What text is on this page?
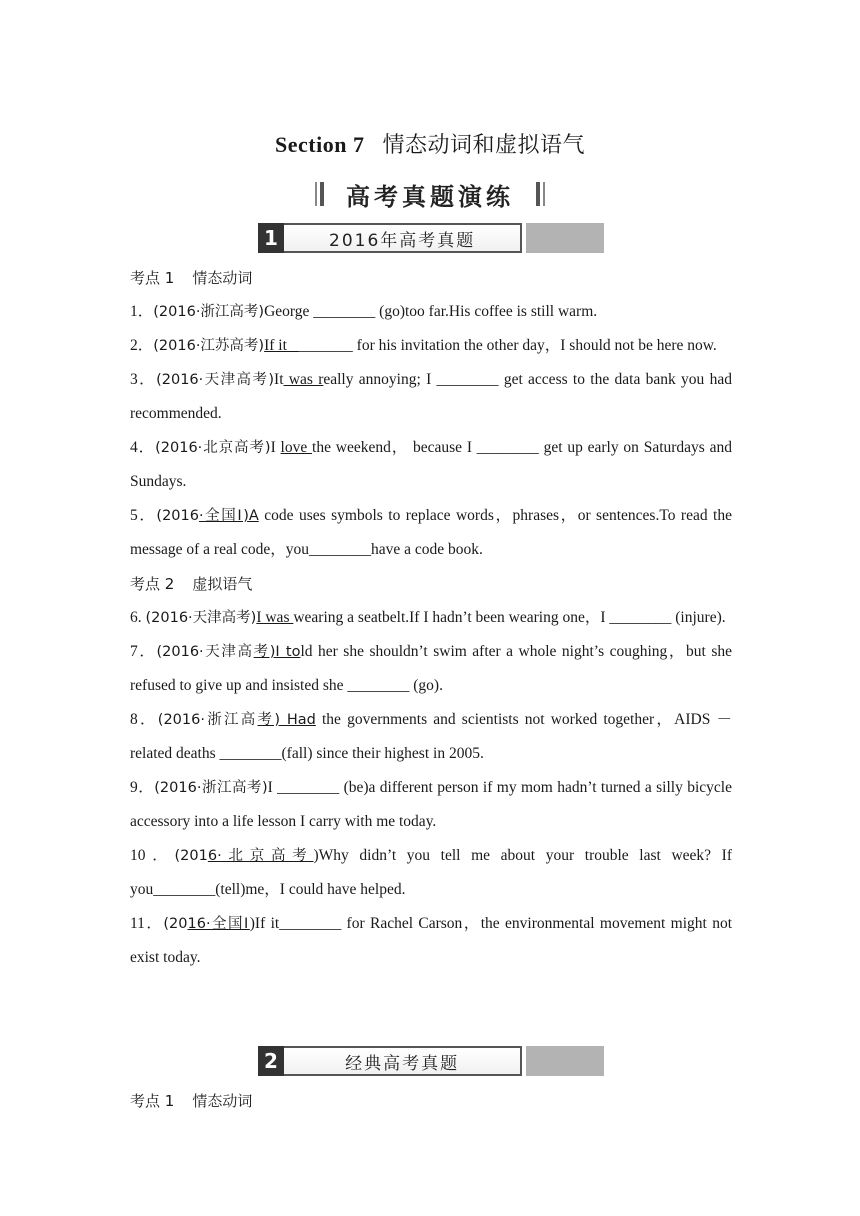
Section 7 情态动词和虚拟语气
高考真题演练
1	2016年高考真题
考点 1 情态动词
1．(2016·浙江高考)George ________ (go)too far.His coffee is still warm.
2．(2016·江苏高考)If it ________ for his invitation the other day，I should not be here now.
3．(2016·天津高考)It was really annoying; I ________ get access to the data bank you had recommended.
4．(2016·北京高考)I love the weekend， because I ________ get up early on Saturdays and Sundays.
5．(2016·全国Ⅰ)A code uses symbols to replace words，phrases，or sentences.To read the message of a real code，you________have a code book.
考点 2 虚拟语气
6. (2016·天津高考)I was wearing a seatbelt.If I hadn’t been wearing one，I ________ (injure).
7．(2016·天津高考)I told her she shouldn’t swim after a whole night’s coughing，but she refused to give up and insisted she ________ (go).
8．(2016·浙江高考) Had the governments and scientists not worked together，AIDS －related deaths ________(fall) since their highest in 2005.
9．(2016·浙江高考)I ________ (be)a different person if my mom hadn’t turned a silly bicycle accessory into a life lesson I carry with me today.
10．(2016·北京高考)Why didn’t you tell me about your trouble last week? If you________(tell)me，I could have helped.
11．(2016·全国Ⅰ)If it________ for Rachel Carson，the environmental movement might not exist today.
2	经典高考真题
考点 1 情态动词
